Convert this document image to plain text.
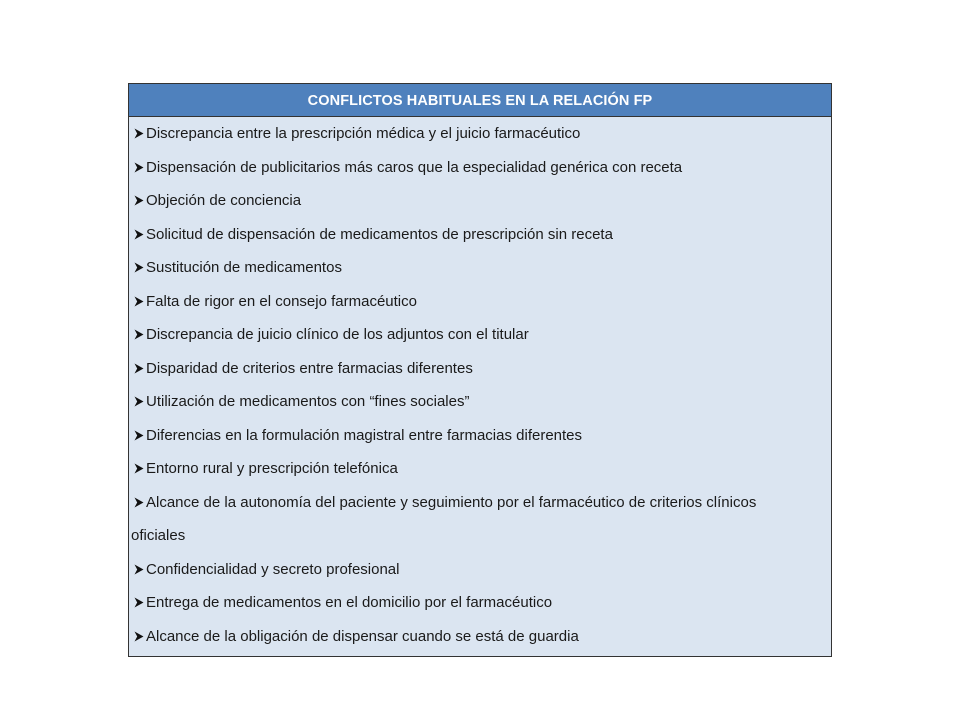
CONFLICTOS HABITUALES EN LA RELACIÓN FP
Discrepancia entre la prescripción médica y el juicio farmacéutico
Dispensación de publicitarios más caros que la especialidad genérica con receta
Objeción de conciencia
Solicitud de dispensación de medicamentos de prescripción sin receta
Sustitución de medicamentos
Falta de rigor en el consejo farmacéutico
Discrepancia de juicio clínico de los adjuntos con el titular
Disparidad de criterios entre farmacias diferentes
Utilización de medicamentos con “fines sociales”
Diferencias en la formulación magistral entre farmacias diferentes
Entorno rural y prescripción telefónica
Alcance de la autonomía del paciente y seguimiento por el farmacéutico de criterios clínicos oficiales
Confidencialidad y secreto profesional
Entrega de medicamentos en el domicilio por el farmacéutico
Alcance de la obligación de dispensar cuando se está de guardia
